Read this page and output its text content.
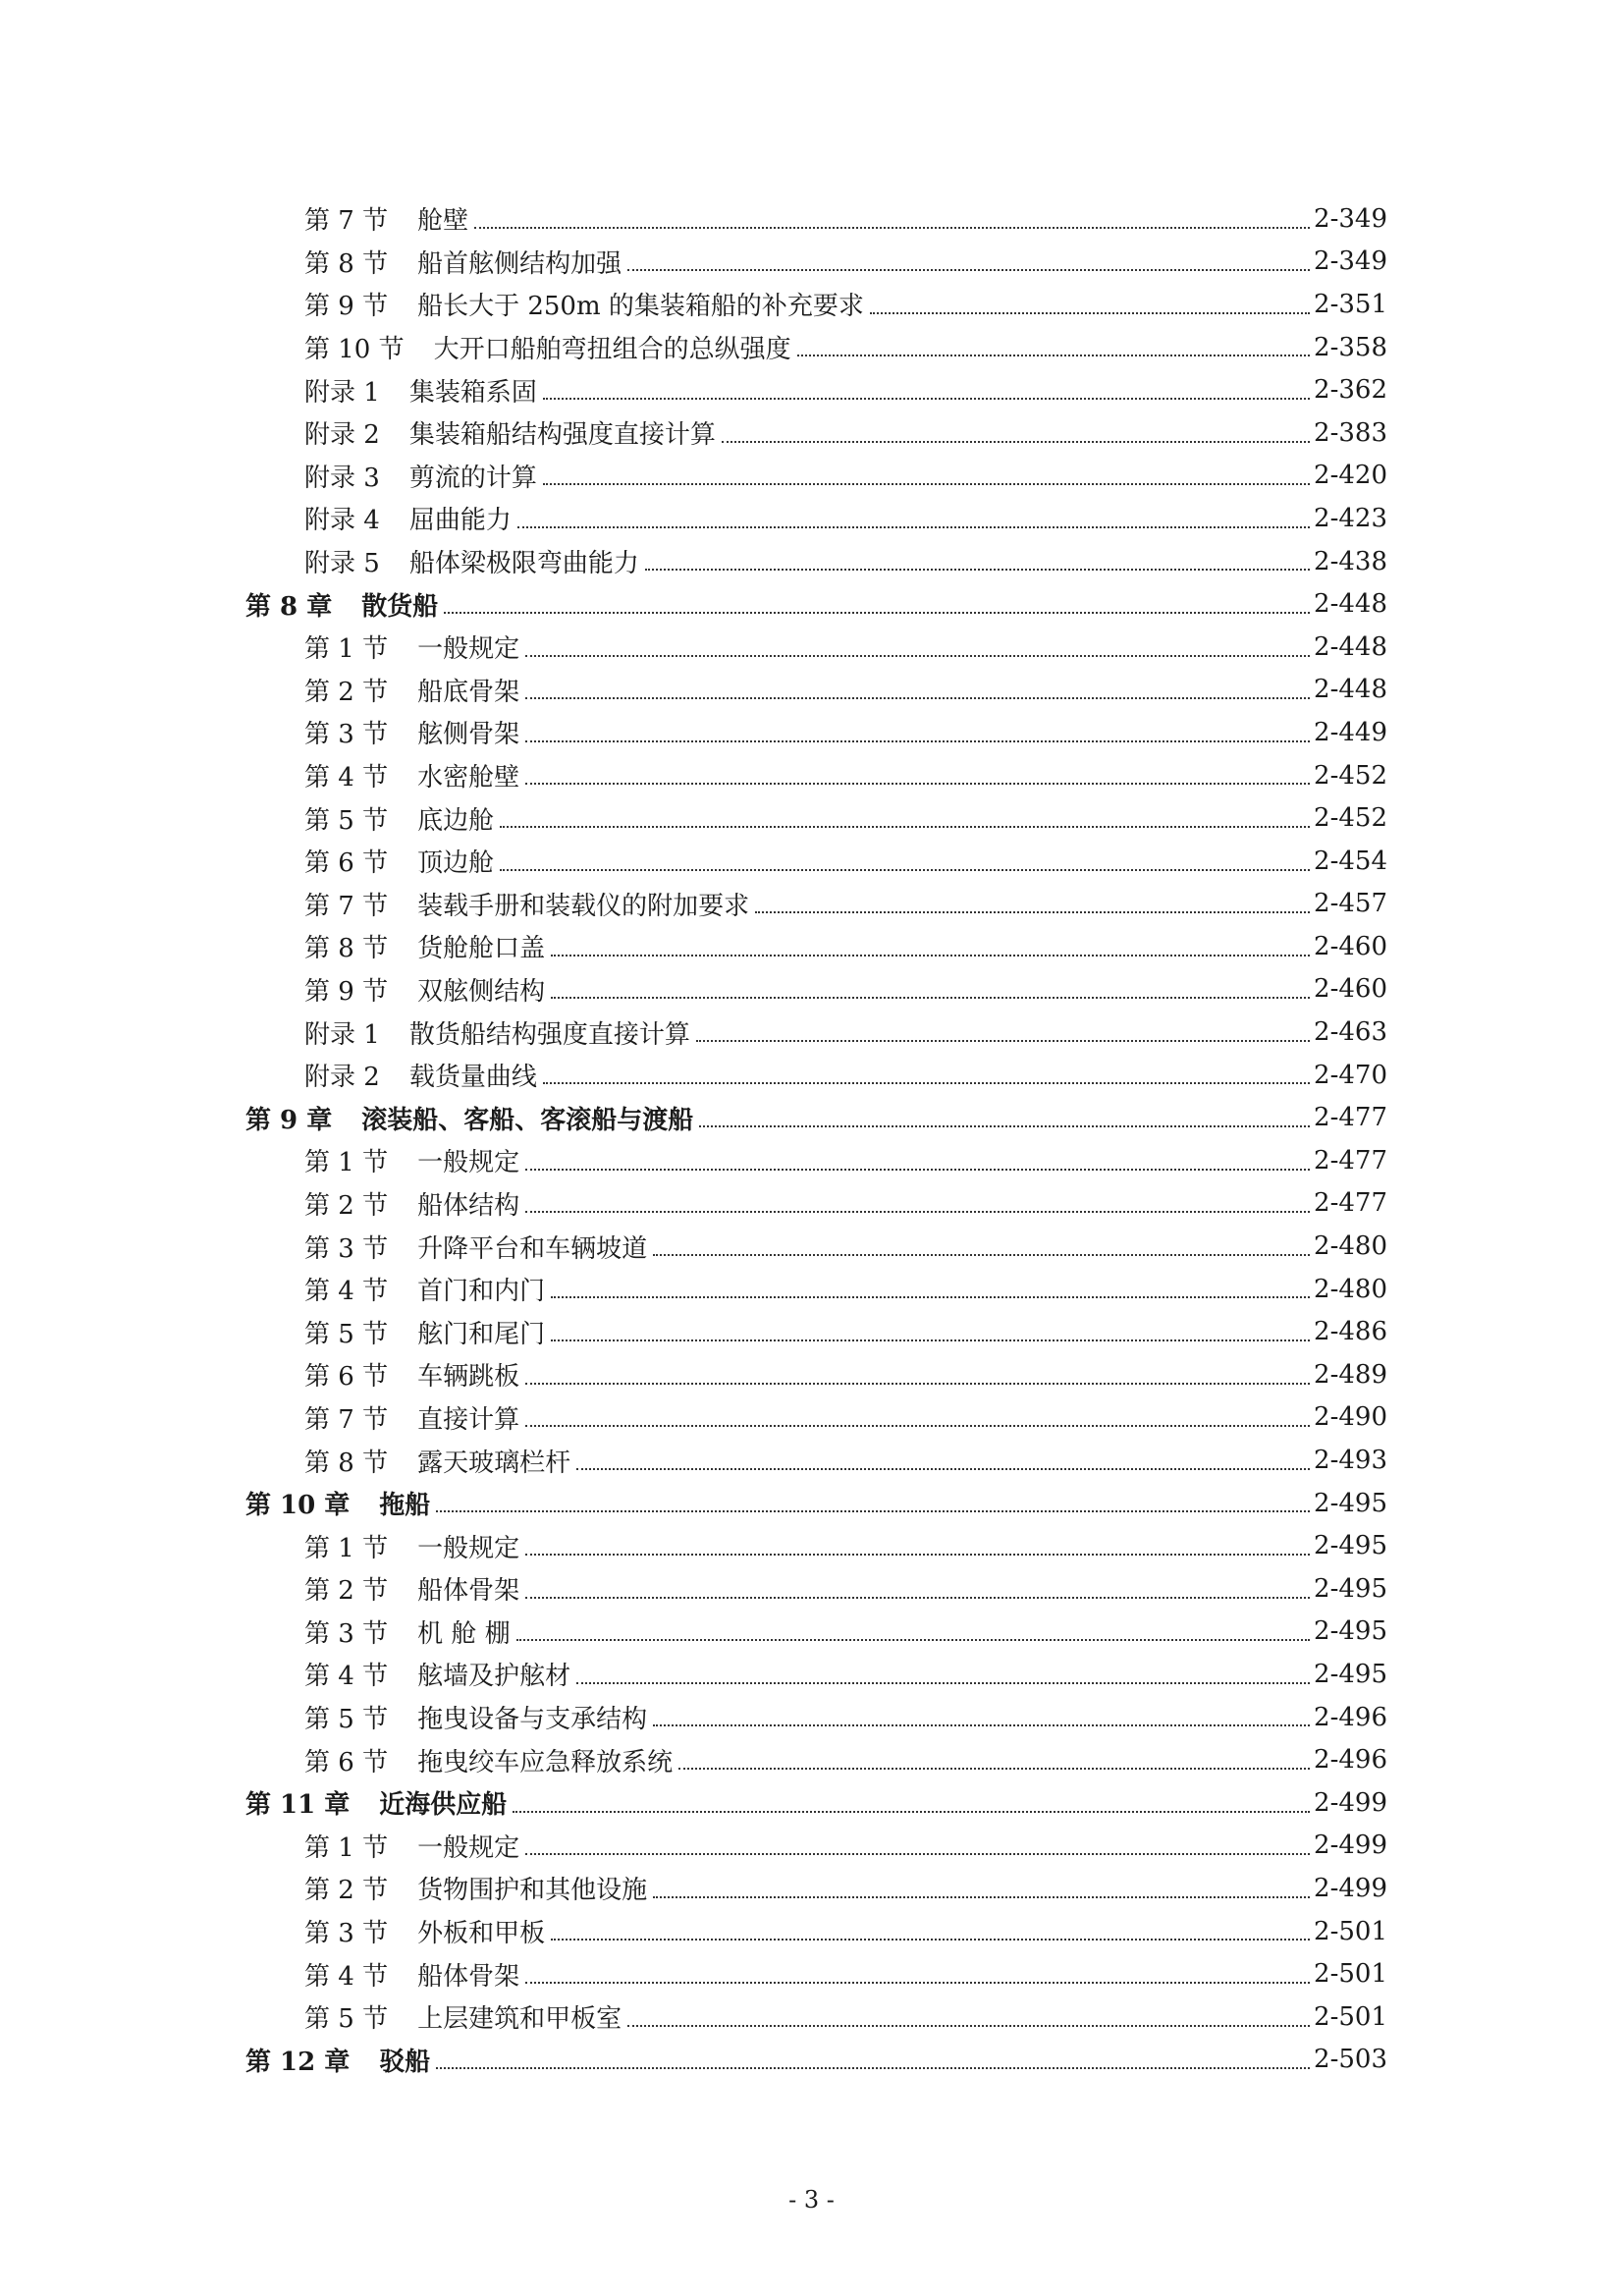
第 7 节 舱壁	2-349
第 8 节 船首舷侧结构加强	2-349
第 9 节 船长大于 250m 的集装箱船的补充要求	2-351
第 10 节 大开口船舶弯扭组合的总纵强度	2-358
附录 1 集装箱系固	2-362
附录 2 集装箱船结构强度直接计算	2-383
附录 3 剪流的计算	2-420
附录 4 屈曲能力	2-423
附录 5 船体梁极限弯曲能力	2-438
第 8 章 散货船	2-448
第 1 节 一般规定	2-448
第 2 节 船底骨架	2-448
第 3 节 舷侧骨架	2-449
第 4 节 水密舱壁	2-452
第 5 节 底边舱	2-452
第 6 节 顶边舱	2-454
第 7 节 装载手册和装载仪的附加要求	2-457
第 8 节 货舱舱口盖	2-460
第 9 节 双舷侧结构	2-460
附录 1 散货船结构强度直接计算	2-463
附录 2 载货量曲线	2-470
第 9 章 滚装船、客船、客滚船与渡船	2-477
第 1 节 一般规定	2-477
第 2 节 船体结构	2-477
第 3 节 升降平台和车辆坡道	2-480
第 4 节 首门和内门	2-480
第 5 节 舷门和尾门	2-486
第 6 节 车辆跳板	2-489
第 7 节 直接计算	2-490
第 8 节 露天玻璃栏杆	2-493
第 10 章 拖船	2-495
第 1 节 一般规定	2-495
第 2 节 船体骨架	2-495
第 3 节 机 舱 棚	2-495
第 4 节 舷墙及护舷材	2-495
第 5 节 拖曳设备与支承结构	2-496
第 6 节 拖曳绞车应急释放系统	2-496
第 11 章 近海供应船	2-499
第 1 节 一般规定	2-499
第 2 节 货物围护和其他设施	2-499
第 3 节 外板和甲板	2-501
第 4 节 船体骨架	2-501
第 5 节 上层建筑和甲板室	2-501
第 12 章 驳船	2-503
- 3 -
